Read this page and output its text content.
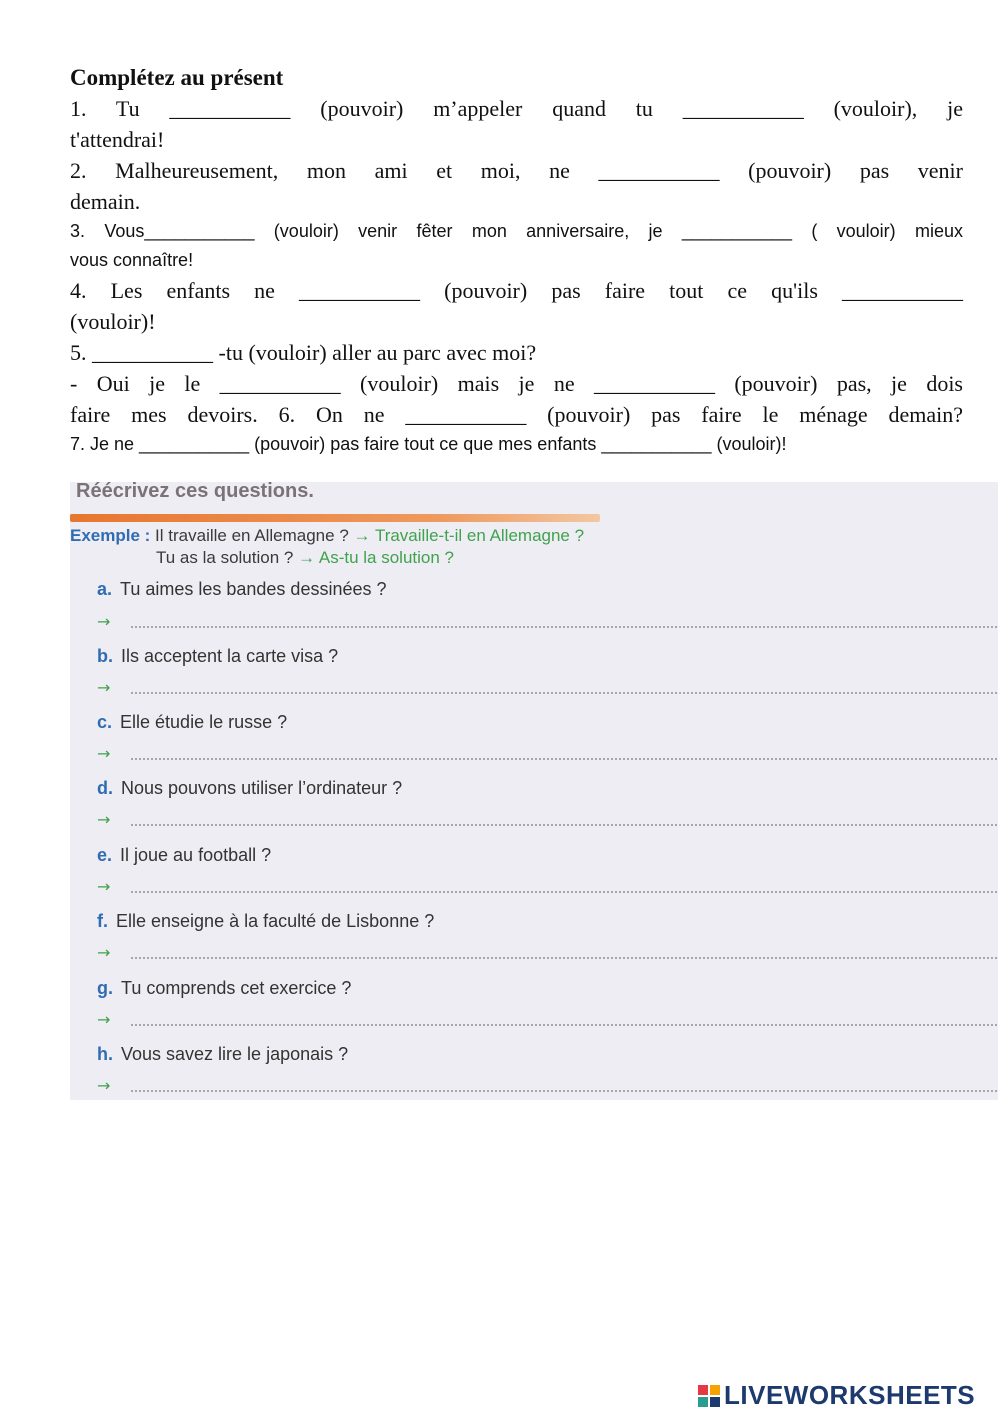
Complétez au présent
1. Tu ___________ (pouvoir) m’appeler quand tu ___________ (vouloir), je
t'attendrai!
2. Malheureusement, mon ami et moi, ne ___________ (pouvoir) pas venir
demain.
3. Vous___________ (vouloir) venir fêter mon anniversaire, je ___________ ( vouloir) mieux
vous connaître!
4. Les enfants ne ___________ (pouvoir) pas faire tout ce qu'ils ___________
(vouloir)!
5. ___________ -tu (vouloir) aller au parc avec moi?
- Oui je le ___________ (vouloir) mais je ne ___________ (pouvoir) pas, je dois
faire mes devoirs. 6. On ne ___________ (pouvoir) pas faire le ménage demain?
7. Je ne ___________ (pouvoir) pas faire tout ce que mes enfants ___________ (vouloir)!
Réécrivez ces questions.
Exemple : Il travaille en Allemagne ? → Travaille-t-il en Allemagne ?
Tu as la solution ? → As-tu la solution ?
a. Tu aimes les bandes dessinées ?
→
b. Ils acceptent la carte visa ?
→
c. Elle étudie le russe ?
→
d. Nous pouvons utiliser l’ordinateur ?
→
e. Il joue au football ?
→
f. Elle enseigne à la faculté de Lisbonne ?
→
g. Tu comprends cet exercice ?
→
h. Vous savez lire le japonais ?
→
LIVEWORKSHEETS
